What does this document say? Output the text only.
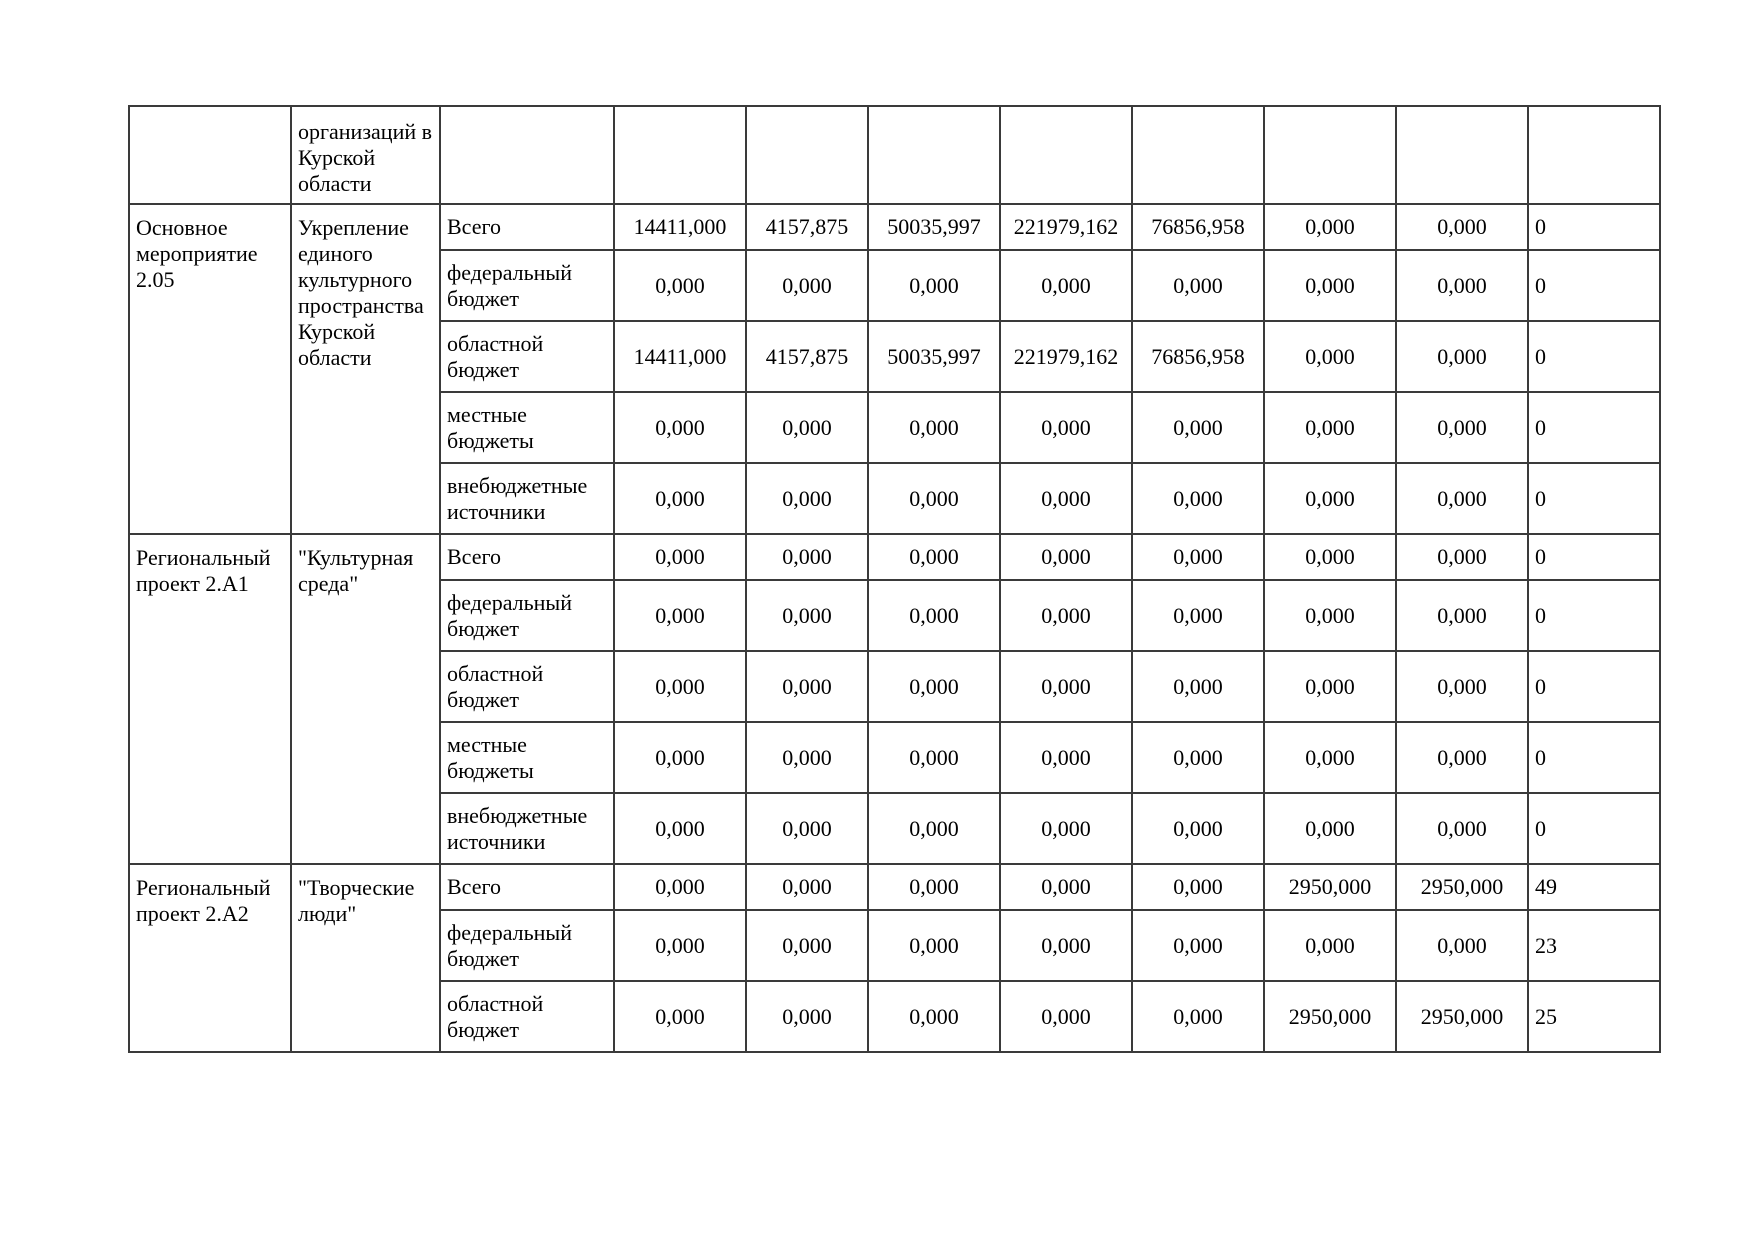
	организаций в Курской области									
Основное мероприятие 2.05	Укрепление единого культурного пространства Курской области	Всего	14411,000	4157,875	50035,997	221979,162	76856,958	0,000	0,000	0
		федеральный бюджет	0,000	0,000	0,000	0,000	0,000	0,000	0,000	0
		областной бюджет	14411,000	4157,875	50035,997	221979,162	76856,958	0,000	0,000	0
		местные бюджеты	0,000	0,000	0,000	0,000	0,000	0,000	0,000	0
		внебюджетные источники	0,000	0,000	0,000	0,000	0,000	0,000	0,000	0
Региональный проект 2.А1	"Культурная среда"	Всего	0,000	0,000	0,000	0,000	0,000	0,000	0,000	0
		федеральный бюджет	0,000	0,000	0,000	0,000	0,000	0,000	0,000	0
		областной бюджет	0,000	0,000	0,000	0,000	0,000	0,000	0,000	0
		местные бюджеты	0,000	0,000	0,000	0,000	0,000	0,000	0,000	0
		внебюджетные источники	0,000	0,000	0,000	0,000	0,000	0,000	0,000	0
Региональный проект 2.А2	"Творческие люди"	Всего	0,000	0,000	0,000	0,000	0,000	2950,000	2950,000	49
		федеральный бюджет	0,000	0,000	0,000	0,000	0,000	0,000	0,000	23
		областной бюджет	0,000	0,000	0,000	0,000	0,000	2950,000	2950,000	25
